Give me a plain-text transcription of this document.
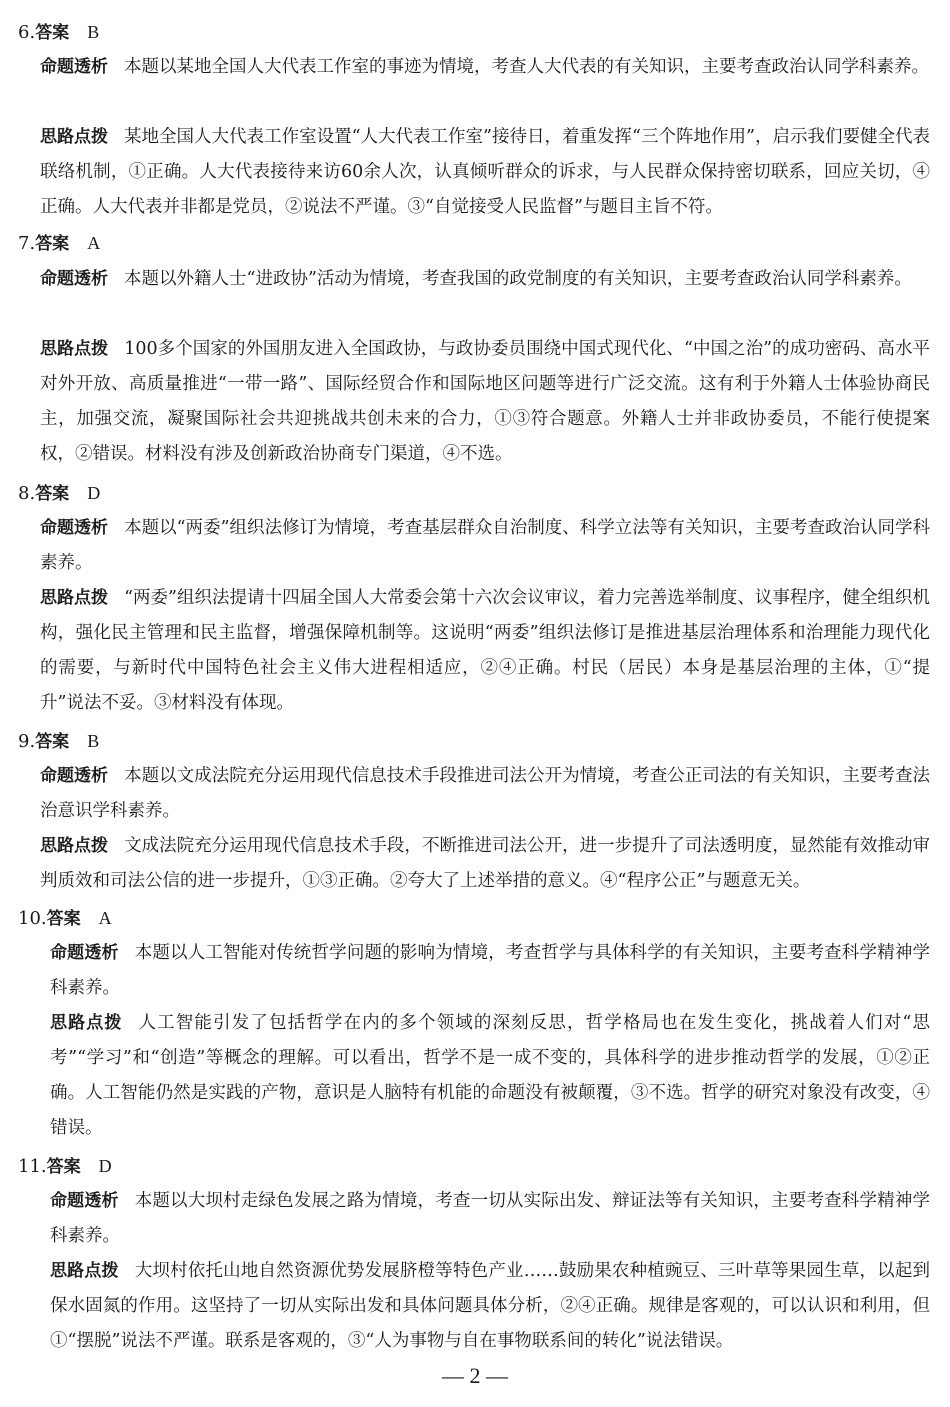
6.答案 B
命题透析 本题以某地全国人大代表工作室的事迹为情境，考查人大代表的有关知识，主要考查政治认同学科素养。
思路点拨 某地全国人大代表工作室设置“人大代表工作室”接待日，着重发挥“三个阵地作用”，启示我们要健全代表联络机制，①正确。人大代表接待来访60余人次，认真倾听群众的诉求，与人民群众保持密切联系，回应关切，④正确。人大代表并非都是党员，②说法不严谨。③“自觉接受人民监督”与题目主旨不符。
7.答案 A
命题透析 本题以外籍人士“进政协”活动为情境，考查我国的政党制度的有关知识，主要考查政治认同学科素养。
思路点拨 100多个国家的外国朋友进入全国政协，与政协委员围绕中国式现代化、“中国之治”的成功密码、高水平对外开放、高质量推进“一带一路”、国际经贸合作和国际地区问题等进行广泛交流。这有利于外籍人士体验协商民主，加强交流，凝聚国际社会共迎挑战共创未来的合力，①③符合题意。外籍人士并非政协委员，不能行使提案权，②错误。材料没有涉及创新政治协商专门渠道，④不选。
8.答案 D
命题透析 本题以“两委”组织法修订为情境，考查基层群众自治制度、科学立法等有关知识，主要考查政治认同学科素养。
思路点拨 “两委”组织法提请十四届全国人大常委会第十六次会议审议，着力完善选举制度、议事程序，健全组织机构，强化民主管理和民主监督，增强保障机制等。这说明“两委”组织法修订是推进基层治理体系和治理能力现代化的需要，与新时代中国特色社会主义伟大进程相适应，②④正确。村民（居民）本身是基层治理的主体，①“提升”说法不妥。③材料没有体现。
9.答案 B
命题透析 本题以文成法院充分运用现代信息技术手段推进司法公开为情境，考查公正司法的有关知识，主要考查法治意识学科素养。
思路点拨 文成法院充分运用现代信息技术手段，不断推进司法公开，进一步提升了司法透明度，显然能有效推动审判质效和司法公信的进一步提升，①③正确。②夸大了上述举措的意义。④“程序公正”与题意无关。
10.答案 A
命题透析 本题以人工智能对传统哲学问题的影响为情境，考查哲学与具体科学的有关知识，主要考查科学精神学科素养。
思路点拨 人工智能引发了包括哲学在内的多个领域的深刻反思，哲学格局也在发生变化，挑战着人们对“思考”“学习”和“创造”等概念的理解。可以看出，哲学不是一成不变的，具体科学的进步推动哲学的发展，①②正确。人工智能仍然是实践的产物，意识是人脑特有机能的命题没有被颠覆，③不选。哲学的研究对象没有改变，④错误。
11.答案 D
命题透析 本题以大坝村走绿色发展之路为情境，考查一切从实际出发、辩证法等有关知识，主要考查科学精神学科素养。
思路点拨 大坝村依托山地自然资源优势发展脐橙等特色产业……鼓励果农种植豌豆、三叶草等果园生草，以起到保水固氮的作用。这坚持了一切从实际出发和具体问题具体分析，②④正确。规律是客观的，可以认识和利用，但①“摆脱”说法不严谨。联系是客观的，③“人为事物与自在事物联系间的转化”说法错误。
— 2 —
